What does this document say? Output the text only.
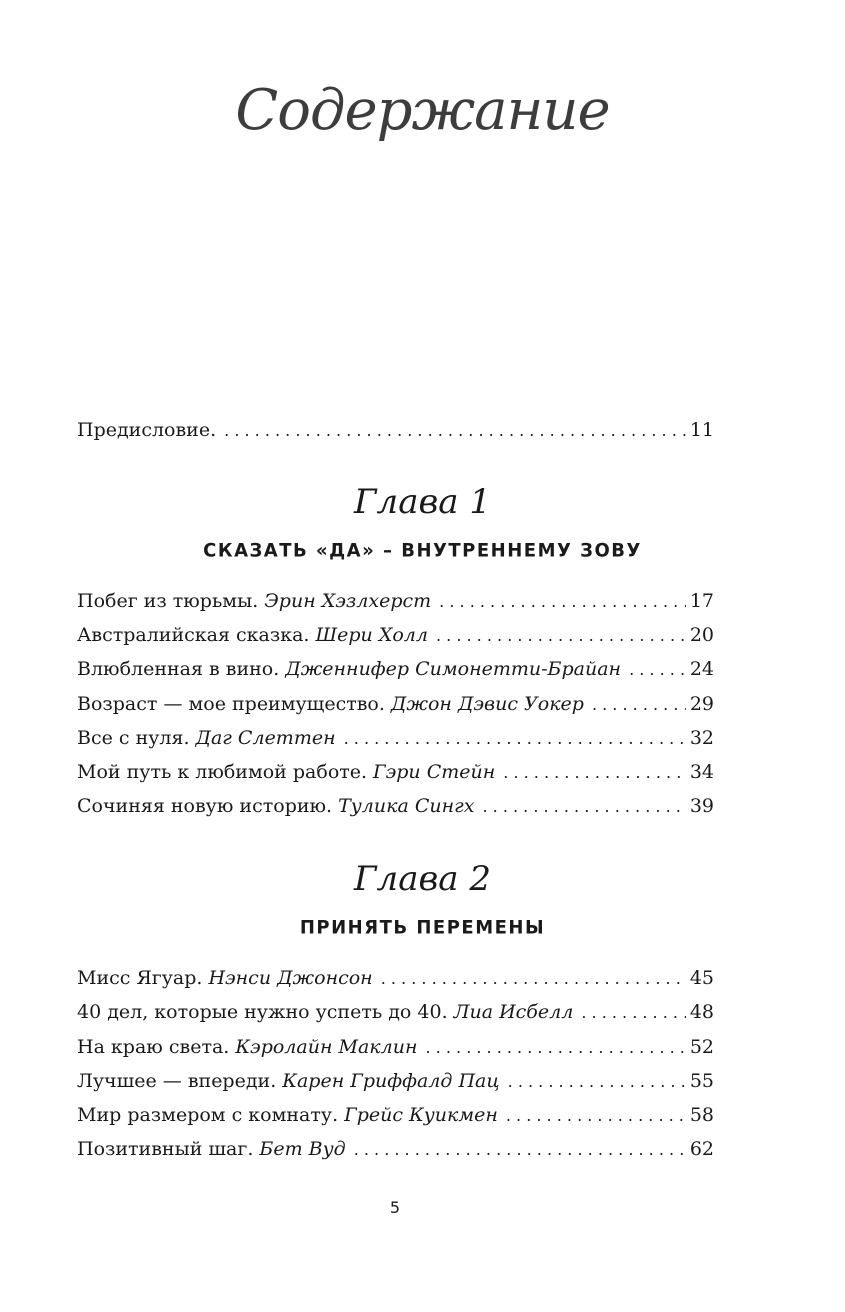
Содержание
Предисловие. . . .	11
Глава 1
СКАЗАТЬ «ДА» – ВНУТРЕННЕМУ ЗОВУ
Побег из тюрьмы. Эрин Хэзлхерст . . .	17
Австралийская сказка. Шери Холл . . .	20
Влюбленная в вино. Дженнифер Симонетти-Брайан . . .	24
Возраст — мое преимущество. Джон Дэвис Уокер . . .	29
Все с нуля. Даг Слеттен . . .	32
Мой путь к любимой работе. Гэри Стейн . . .	34
Сочиняя новую историю. Тулика Сингх . . .	39
Глава 2
ПРИНЯТЬ ПЕРЕМЕНЫ
Мисс Ягуар. Нэнси Джонсон . . .	45
40 дел, которые нужно успеть до 40. Лиа Исбелл . . .	48
На краю света. Кэролайн Маклин . . .	52
Лучшее — впереди. Карен Гриффалд Пац . . .	55
Мир размером с комнату. Грейс Куикмен . . .	58
Позитивный шаг. Бет Вуд . . .	62
5
